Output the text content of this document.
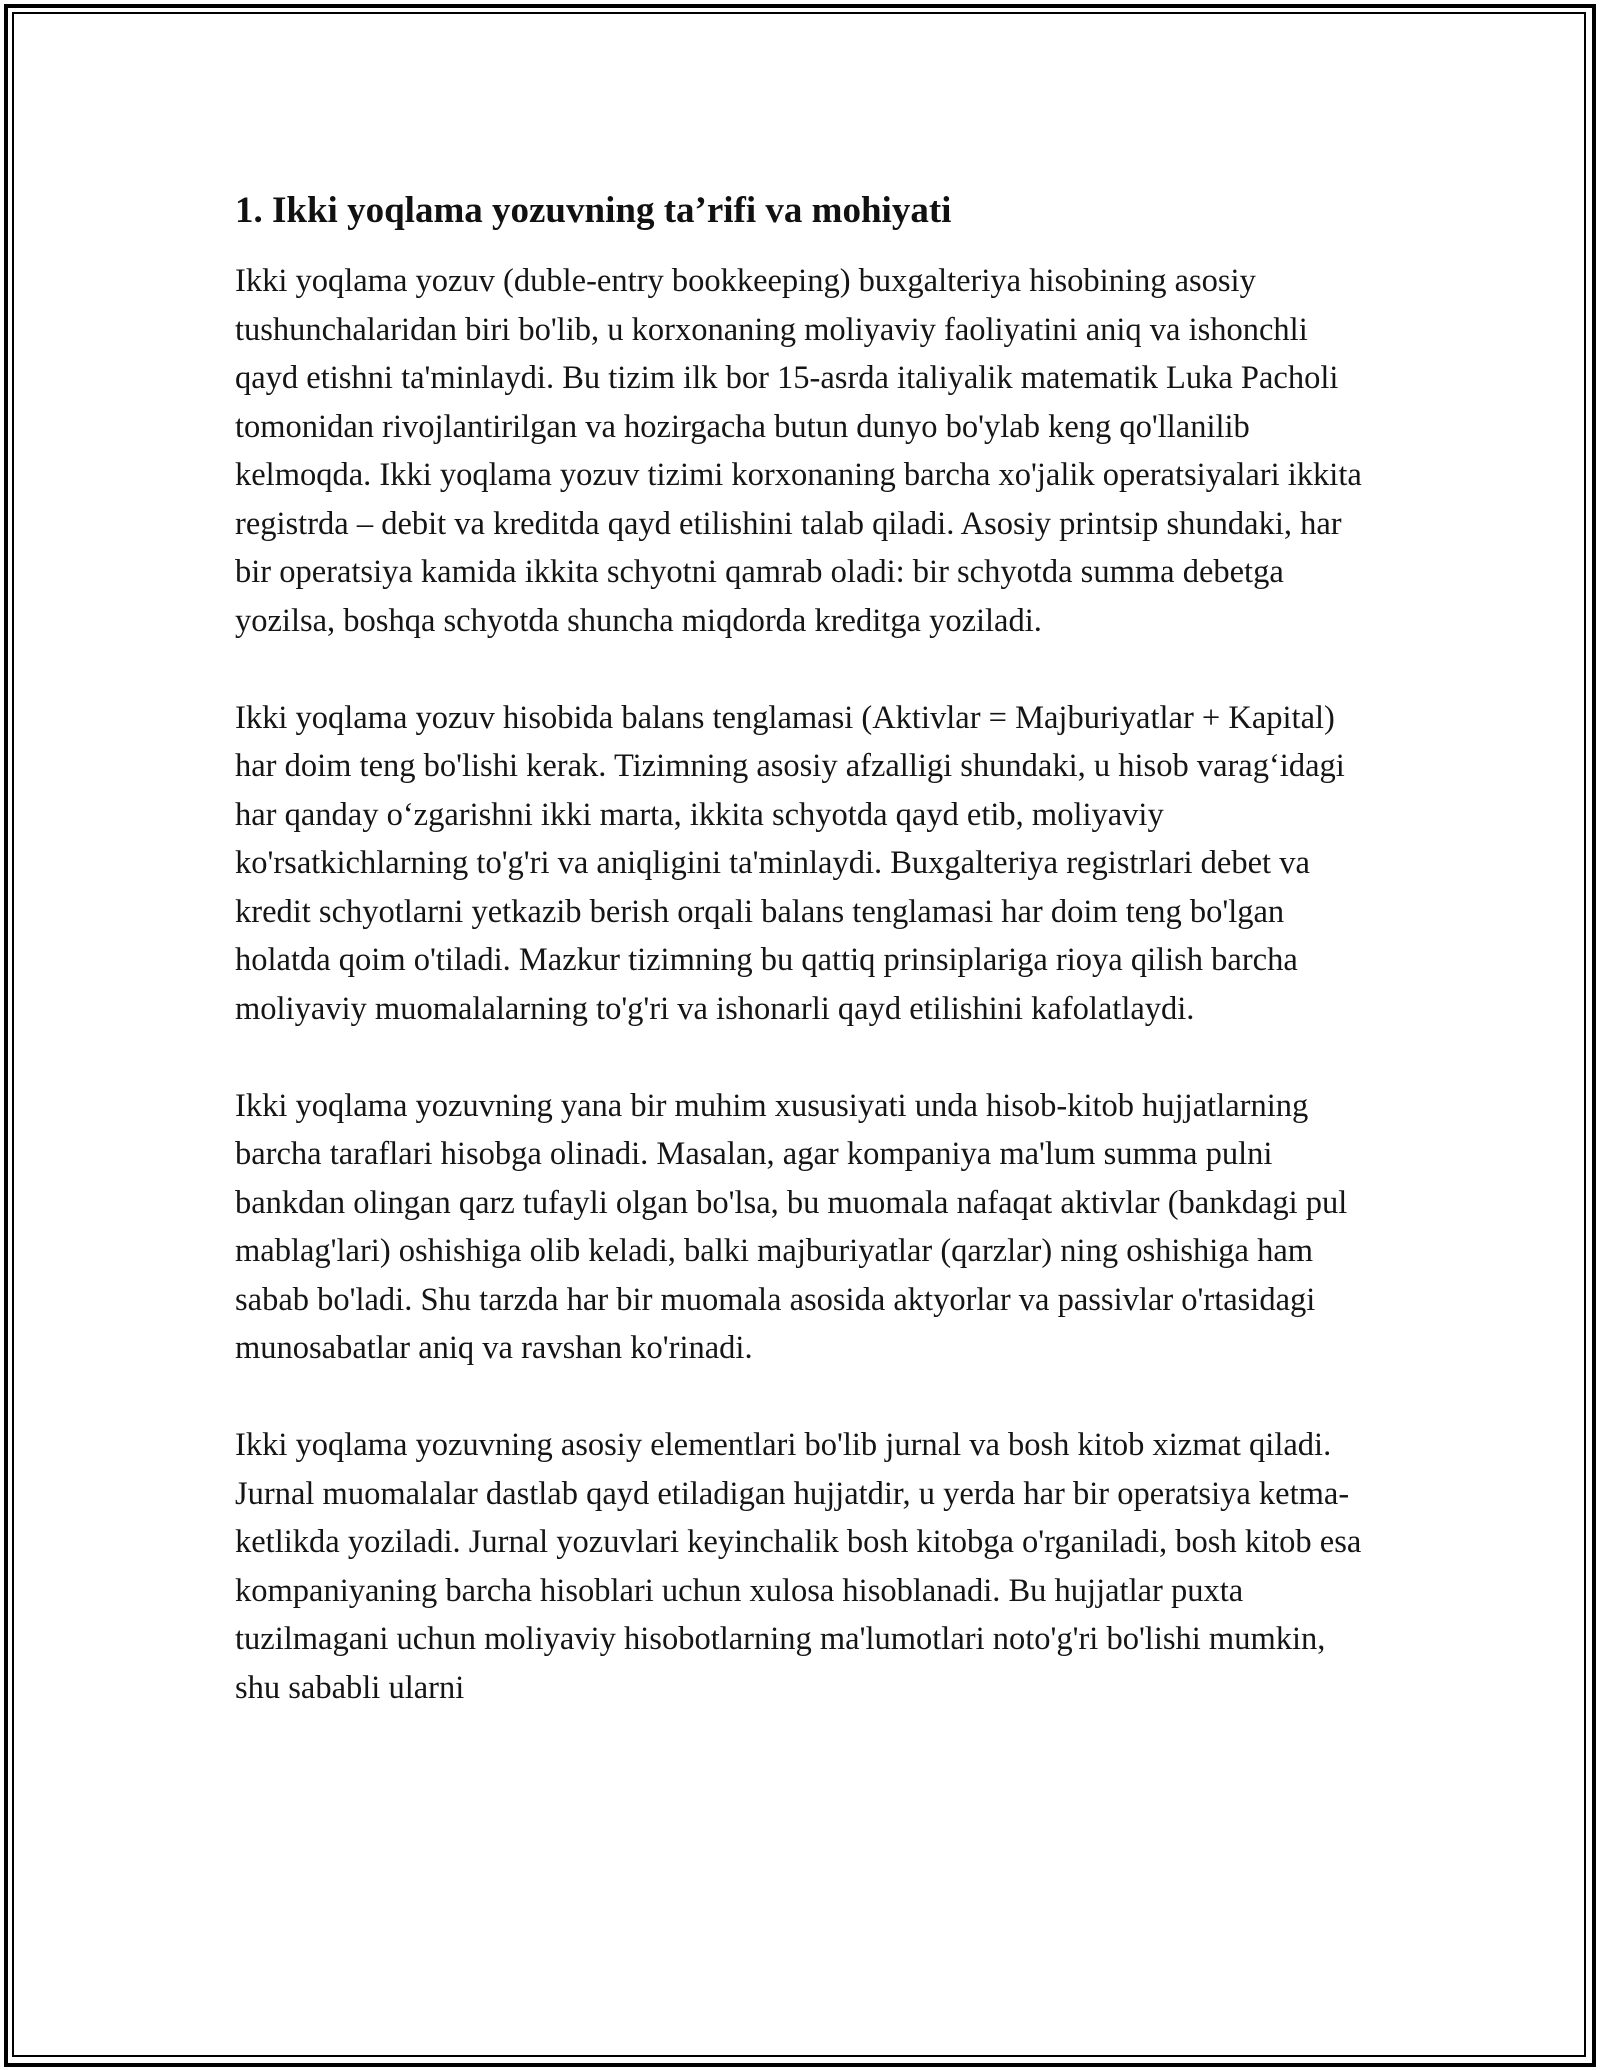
1. Ikki yoqlama yozuvning ta’rifi va mohiyati

Ikki yoqlama yozuv (duble-entry bookkeeping) buxgalteriya hisobining asosiy tushunchalaridan biri bo'lib, u korxonaning moliyaviy faoliyatini aniq va ishonchli qayd etishni ta'minlaydi. Bu tizim ilk bor 15-asrda italiyalik matematik Luka Pacholi tomonidan rivojlantirilgan va hozirgacha butun dunyo bo'ylab keng qo'llanilib kelmoqda. Ikki yoqlama yozuv tizimi korxonaning barcha xo'jalik operatsiyalari ikkita registrda – debit va kreditda qayd etilishini talab qiladi. Asosiy printsip shundaki, har bir operatsiya kamida ikkita schyotni qamrab oladi: bir schyotda summa debetga yozilsa, boshqa schyotda shuncha miqdorda kreditga yoziladi.

Ikki yoqlama yozuv hisobida balans tenglamasi (Aktivlar = Majburiyatlar + Kapital) har doim teng bo'lishi kerak. Tizimning asosiy afzalligi shundaki, u hisob varag‘idagi har qanday o‘zgarishni ikki marta, ikkita schyotda qayd etib, moliyaviy ko'rsatkichlarning to'g'ri va aniqligini ta'minlaydi. Buxgalteriya registrlari debet va kredit schyotlarni yetkazib berish orqali balans tenglamasi har doim teng bo'lgan holatda qoim o'tiladi. Mazkur tizimning bu qattiq prinsiplariga rioya qilish barcha moliyaviy muomalalarning to'g'ri va ishonarli qayd etilishini kafolatlaydi.

Ikki yoqlama yozuvning yana bir muhim xususiyati unda hisob-kitob hujjatlarning barcha taraflari hisobga olinadi. Masalan, agar kompaniya ma'lum summa pulni bankdan olingan qarz tufayli olgan bo'lsa, bu muomala nafaqat aktivlar (bankdagi pul mablag'lari) oshishiga olib keladi, balki majburiyatlar (qarzlar) ning oshishiga ham sabab bo'ladi. Shu tarzda har bir muomala asosida aktyorlar va passivlar o'rtasidagi munosabatlar aniq va ravshan ko'rinadi.

Ikki yoqlama yozuvning asosiy elementlari bo'lib jurnal va bosh kitob xizmat qiladi. Jurnal muomalalar dastlab qayd etiladigan hujjatdir, u yerda har bir operatsiya ketma-ketlikda yoziladi. Jurnal yozuvlari keyinchalik bosh kitobga o'rganiladi, bosh kitob esa kompaniyaning barcha hisoblari uchun xulosa hisoblanadi. Bu hujjatlar puxta tuzilmagani uchun moliyaviy hisobotlarning ma'lumotlari noto'g'ri bo'lishi mumkin, shu sababli ularni
